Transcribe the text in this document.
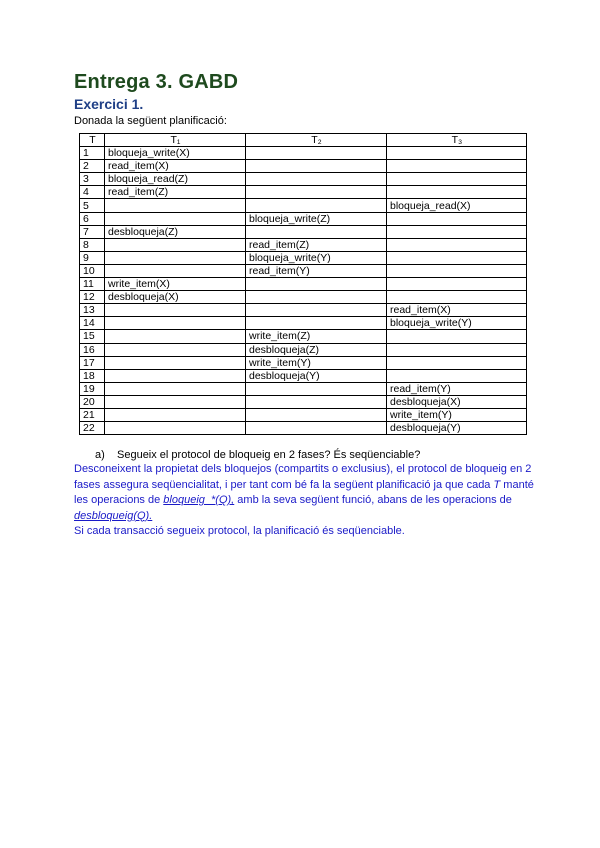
Entrega 3. GABD
Exercici 1.
Donada la següent planificació:
T	T₁	T₂	T₃
1	bloqueja_write(X)		
2	read_item(X)		
3	bloqueja_read(Z)		
4	read_item(Z)		
5			bloqueja_read(X)
6		bloqueja_write(Z)	
7	desbloqueja(Z)		
8		read_item(Z)	
9		bloqueja_write(Y)	
10		read_item(Y)	
11	write_item(X)		
12	desbloqueja(X)		
13			read_item(X)
14			bloqueja_write(Y)
15		write_item(Z)	
16		desbloqueja(Z)	
17		write_item(Y)	
18		desbloqueja(Y)	
19			read_item(Y)
20			desbloqueja(X)
21			write_item(Y)
22			desbloqueja(Y)
a) Segueix el protocol de bloqueig en 2 fases? És seqüenciable?

Desconeixent la propietat dels bloquejos (compartits o exclusius), el protocol de bloqueig en 2 fases assegura seqüencialitat, i per tant com bé fa la següent planificació ja que cada T manté les operacions de bloqueig_*(Q), amb la seva següent funció, abans de les operacions de desbloqueig(Q).

Si cada transacció segueix protocol, la planificació és seqüenciable.
